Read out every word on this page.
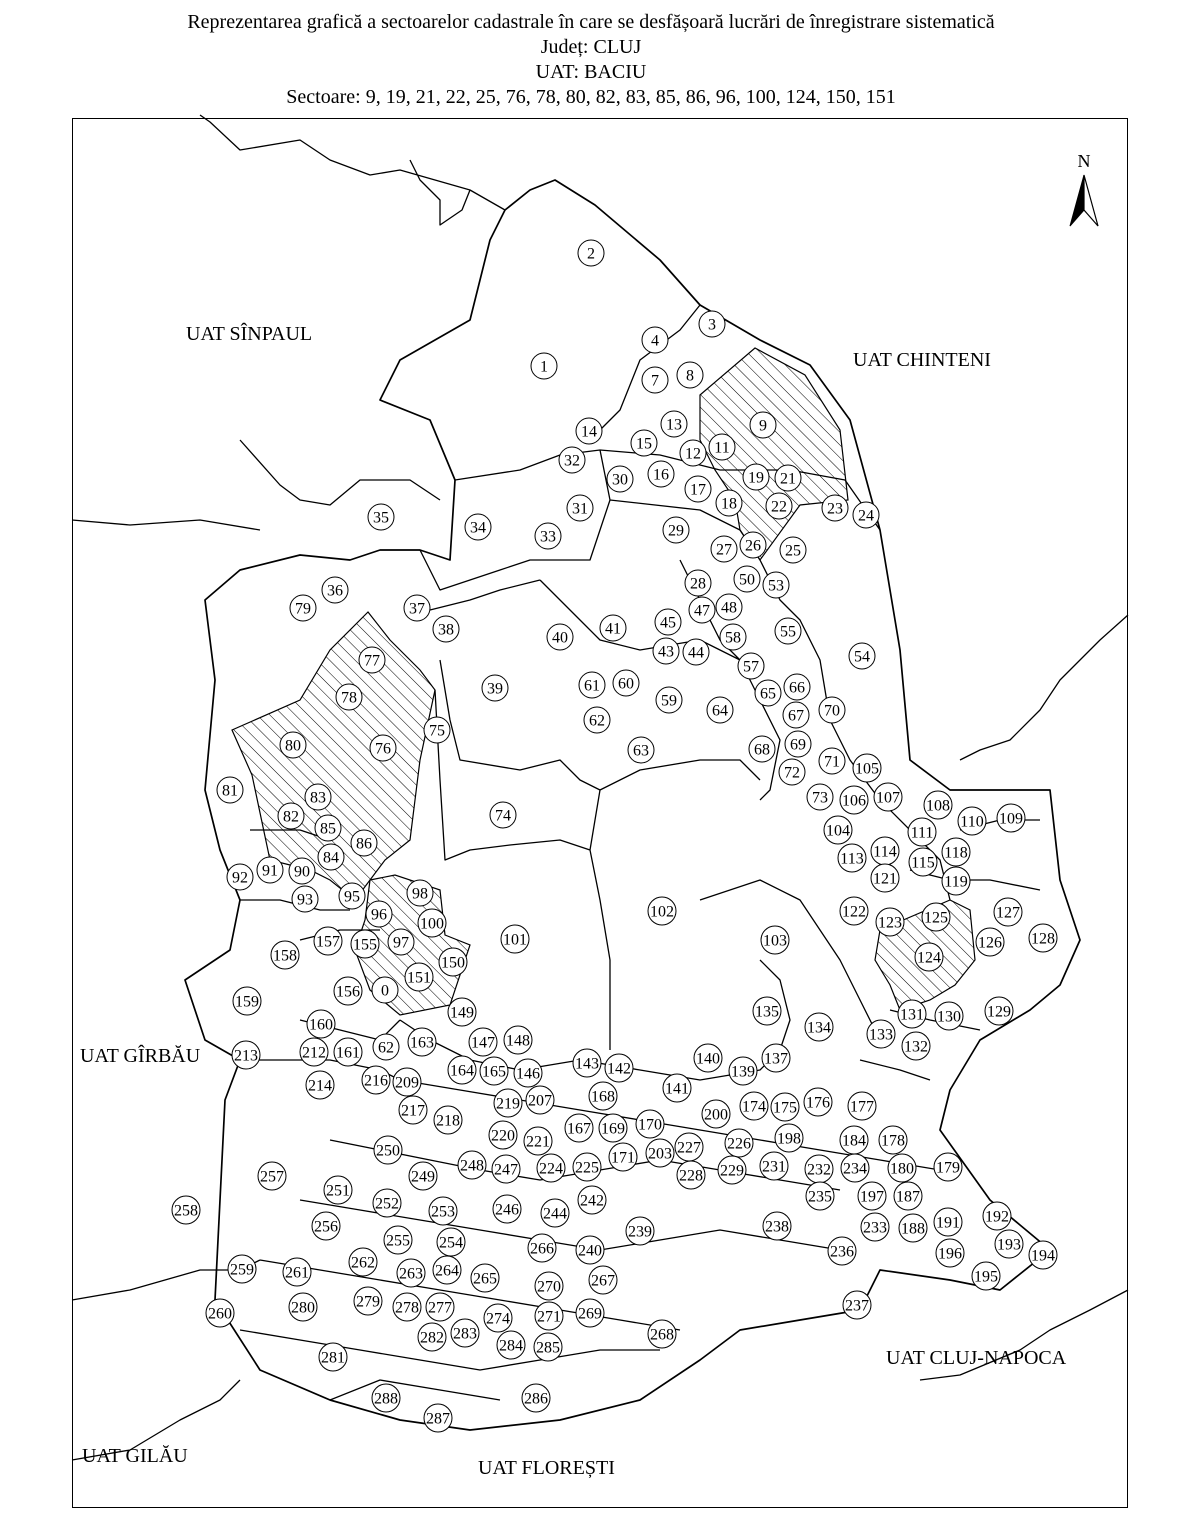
Reprezentarea grafică a sectoarelor cadastrale în care se desfășoară lucrări de înregistrare sistematică
Județ: CLUJ
UAT: BACIU
Sectoare: 9, 19, 21, 22, 25, 76, 78, 80, 82, 83, 85, 86, 96, 100, 124, 150, 151
UAT SÎNPAUL
UAT CHINTENI
UAT GÎRBĂU
UAT CLUJ-NAPOCA
UAT GILĂU
UAT FLOREȘTI
N
2
3
4
1
7 8
9
13
14
15	11
12
32
16
30
17
19 21
31	18 22	23 24
35
34
33	29
27 26 25
28 50 53
36
79	37
38
47 48
41 45
40	58 55
54
43 44
77	57
66
61 60
65
59
78
39
64
62	67 70
80
75
76	63	68 69
71
72	105
81	73 106 107 108
83
74
82
85	110 109
104
86
111
84	114	118
113
92 91 90
115
121	119
93 95	98
102	127
96	122
123 125
100
101	128
157 155 97	103	126
158	150	124
151
156 0
159
149	131
135	130 129
160	134 133
148
147
163	132
212 161 62
213	143 142
140
164 165 146
137
216 209
214
139
141
168	176
217	219 207	174 175	177
218	170
200
167 169
198
220	184 178
221
250	226
227
171 203
180 179
232 234
248	231
247	229
228
224 225
249
257
251	235 197 187
242
252 253	192
258	246
191
256
244
233 188
238
239
255 254	193
194
196
236
266 240
262
259 261	263 264 265	195
267
270
237
277
279
280
260	278
274 271 269
268
283
282	284 285
281
286
288
287
